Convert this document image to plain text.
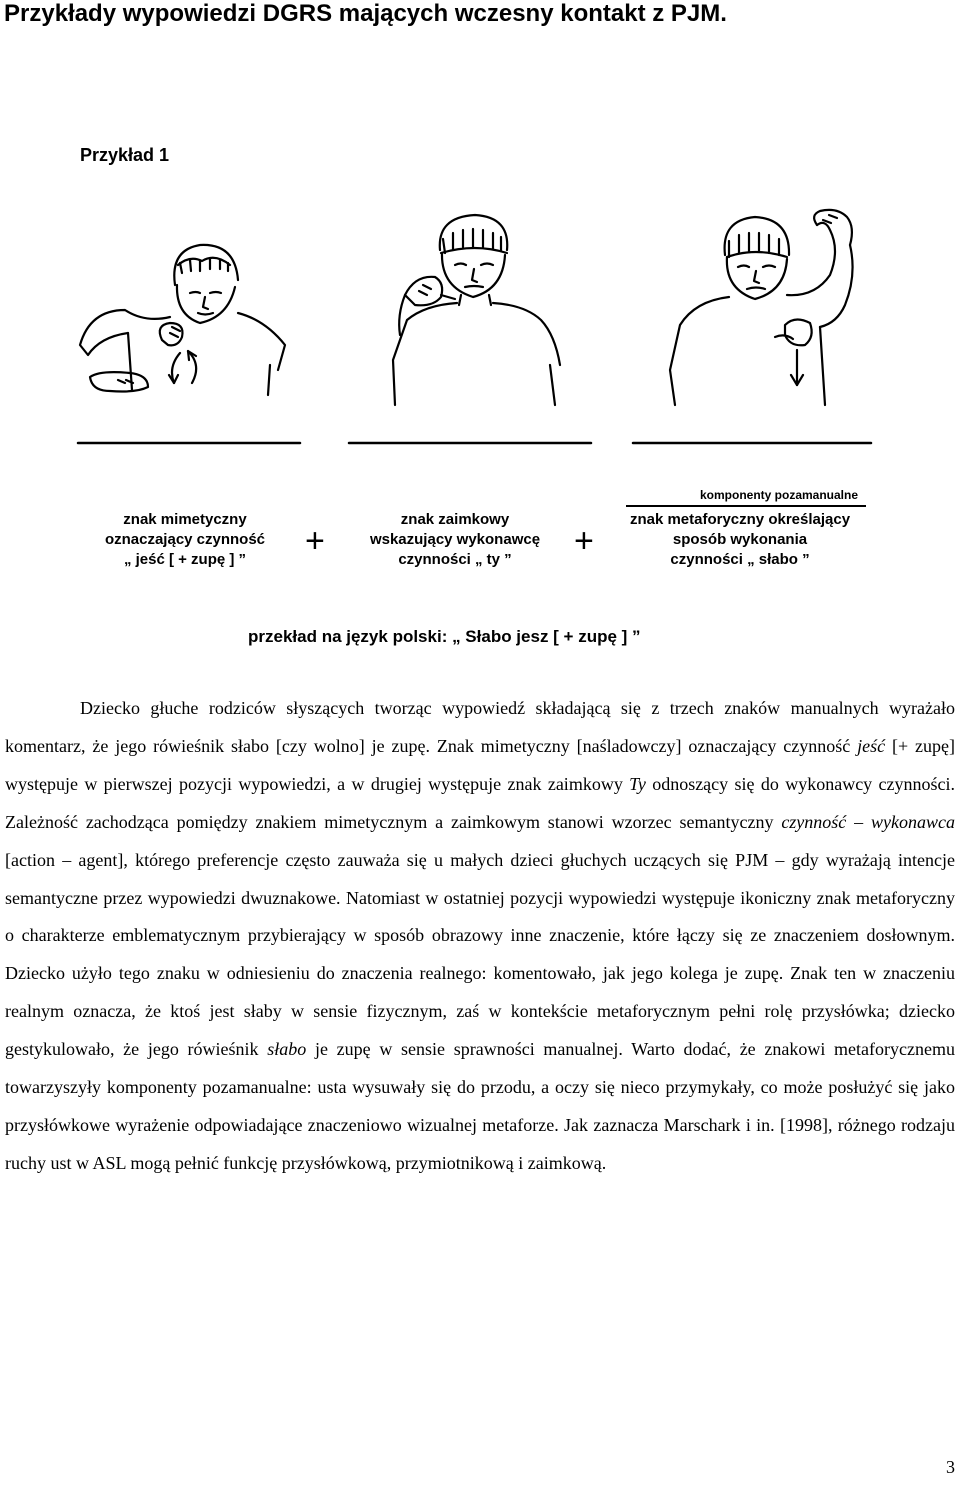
Przykłady wypowiedzi DGRS mających wczesny kontakt z PJM.
Przykład 1
komponenty pozamanualne
znak mimetyczny
oznaczający czynność
„ jeść [ + zupę ] ”	+
znak zaimkowy
wskazujący wykonawcę
czynności „ ty ”	+
znak metaforyczny określający
sposób wykonania
czynności „ słabo ”
przekład na język polski: „ Słabo jesz [ + zupę ] ”

Dziecko głuche rodziców słyszących tworząc wypowiedź składającą się z trzech znaków manualnych wyrażało komentarz, że jego rówieśnik słabo [czy wolno] je zupę. Znak mimetyczny [naśladowczy] oznaczający czynność jeść [+ zupę] występuje w pierwszej pozycji wypowiedzi, a w drugiej występuje znak zaimkowy Ty odnoszący się do wykonawcy czynności. Zależność zachodząca pomiędzy znakiem mimetycznym a zaimkowym stanowi wzorzec semantyczny czynność – wykonawca [action – agent], którego preferencje często zauważa się u małych dzieci głuchych uczących się PJM – gdy wyrażają intencje semantyczne przez wypowiedzi dwuznakowe. Natomiast w ostatniej pozycji wypowiedzi występuje ikoniczny znak metaforyczny o charakterze emblematycznym przybierający w sposób obrazowy inne znaczenie, które łączy się ze znaczeniem dosłownym. Dziecko użyło tego znaku w odniesieniu do znaczenia realnego: komentowało, jak jego kolega je zupę. Znak ten w znaczeniu realnym oznacza, że ktoś jest słaby w sensie fizycznym, zaś w kontekście metaforycznym pełni rolę przysłówka; dziecko gestykulowało, że jego rówieśnik słabo je zupę w sensie sprawności manualnej. Warto dodać, że znakowi metaforycznemu towarzyszyły komponenty pozamanualne: usta wysuwały się do przodu, a oczy się nieco przymykały, co może posłużyć się jako przysłówkowe wyrażenie odpowiadające znaczeniowo wizualnej metaforze. Jak zaznacza Marschark i in. [1998], różnego rodzaju ruchy ust w ASL mogą pełnić funkcję przysłówkową, przymiotnikową i zaimkową.

3
